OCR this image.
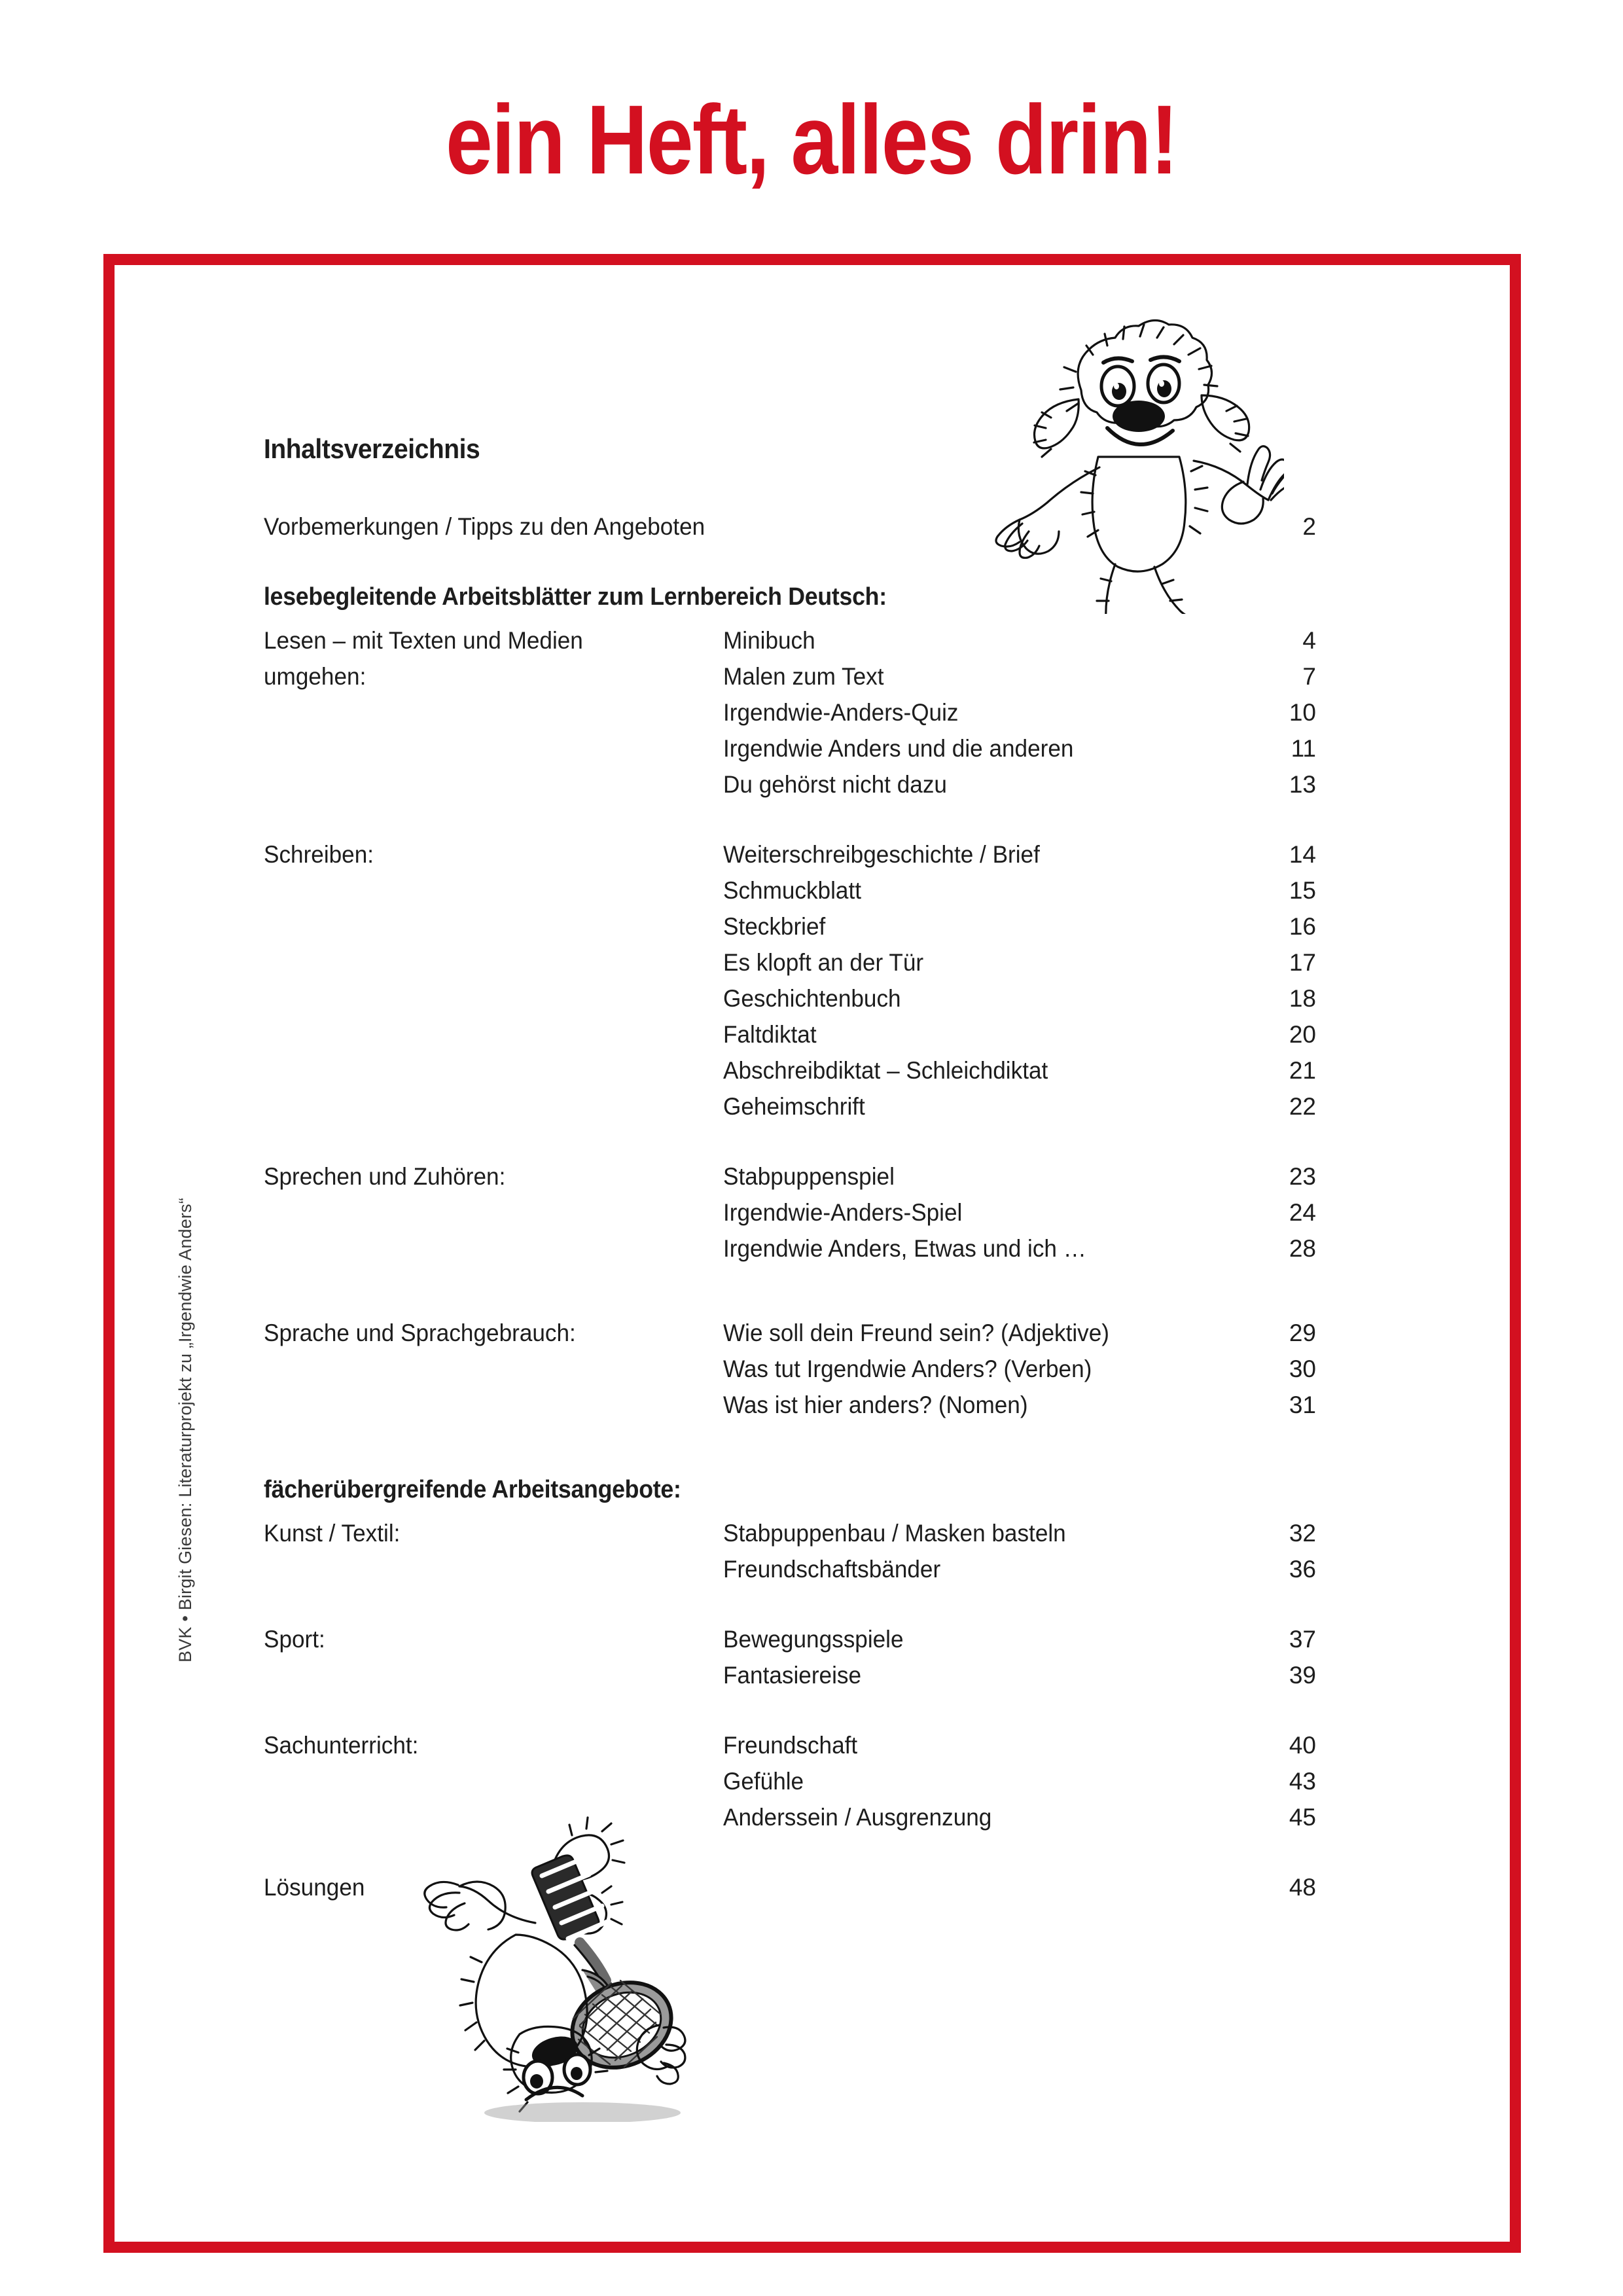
ein Heft, alles drin!
BVK • Birgit Giesen: Literaturprojekt zu „Irgendwie Anders“
Inhaltsverzeichnis
Vorbemerkungen / Tipps zu den Angeboten	2
lesebegleitende Arbeitsblätter zum Lernbereich Deutsch:
Lesen – mit Texten und Medien	Minibuch	4
umgehen:	Malen zum Text	7
Irgendwie-Anders-Quiz	10
Irgendwie Anders und die anderen	11
Du gehörst nicht dazu	13
Schreiben:	Weiterschreibgeschichte / Brief	14
Schmuckblatt	15
Steckbrief	16
Es klopft an der Tür	17
Geschichtenbuch	18
Faltdiktat	20
Abschreibdiktat – Schleichdiktat	21
Geheimschrift	22
Sprechen und Zuhören:	Stabpuppenspiel	23
Irgendwie-Anders-Spiel	24
Irgendwie Anders, Etwas und ich …	28
Sprache und Sprachgebrauch:	Wie soll dein Freund sein? (Adjektive)	29
Was tut Irgendwie Anders? (Verben)	30
Was ist hier anders? (Nomen)	31
fächerübergreifende Arbeitsangebote:
Kunst / Textil:	Stabpuppenbau / Masken basteln	32
Freundschaftsbänder	36
Sport:	Bewegungsspiele	37
Fantasiereise	39
Sachunterricht:	Freundschaft	40
Gefühle	43
Anderssein / Ausgrenzung	45
Lösungen	48
